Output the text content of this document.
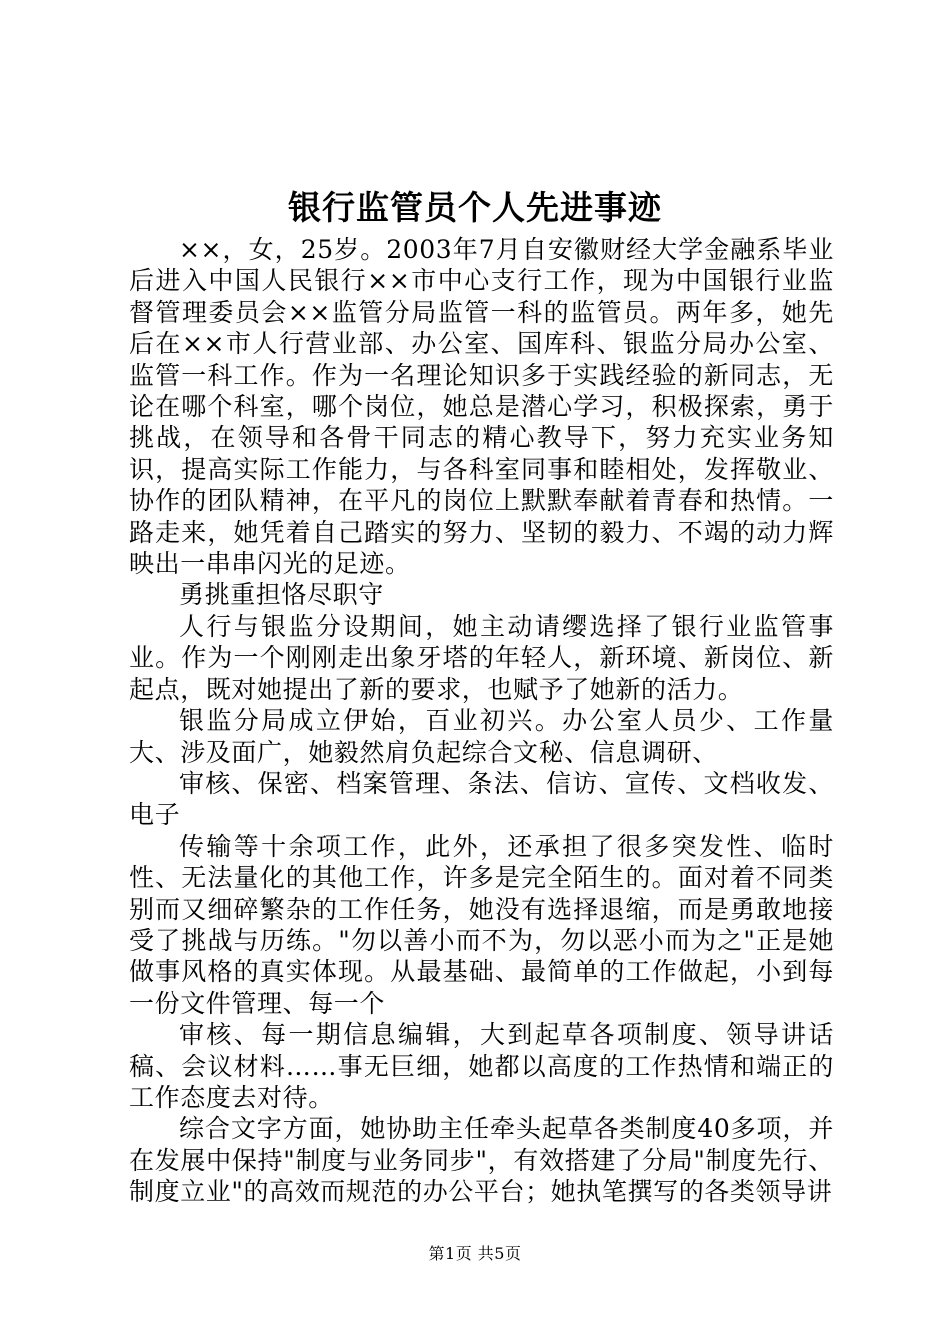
银行监管员个人先进事迹

××，女，25岁。2003年7月自安徽财经大学金融系毕业后进入中国人民银行××市中心支行工作，现为中国银行业监督管理委员会××监管分局监管一科的监管员。两年多，她先后在××市人行营业部、办公室、国库科、银监分局办公室、监管一科工作。作为一名理论知识多于实践经验的新同志，无论在哪个科室，哪个岗位，她总是潜心学习，积极探索，勇于挑战，在领导和各骨干同志的精心教导下，努力充实业务知识，提高实际工作能力，与各科室同事和睦相处，发挥敬业、协作的团队精神，在平凡的岗位上默默奉献着青春和热情。一路走来，她凭着自己踏实的努力、坚韧的毅力、不竭的动力辉映出一串串闪光的足迹。

勇挑重担恪尽职守

人行与银监分设期间，她主动请缨选择了银行业监管事业。作为一个刚刚走出象牙塔的年轻人，新环境、新岗位、新起点，既对她提出了新的要求，也赋予了她新的活力。

银监分局成立伊始，百业初兴。办公室人员少、工作量大、涉及面广，她毅然肩负起综合文秘、信息调研、

审核、保密、档案管理、条法、信访、宣传、文档收发、电子

传输等十余项工作，此外，还承担了很多突发性、临时性、无法量化的其他工作，许多是完全陌生的。面对着不同类别而又细碎繁杂的工作任务，她没有选择退缩，而是勇敢地接受了挑战与历练。"勿以善小而不为，勿以恶小而为之"正是她做事风格的真实体现。从最基础、最简单的工作做起，小到每一份文件管理、每一个

审核、每一期信息编辑，大到起草各项制度、领导讲话稿、会议材料……事无巨细，她都以高度的工作热情和端正的工作态度去对待。

综合文字方面，她协助主任牵头起草各类制度40多项，并在发展中保持"制度与业务同步"，有效搭建了分局"制度先行、制度立业"的高效而规范的办公平台；她执笔撰写的各类领导讲

第1页 共5页
